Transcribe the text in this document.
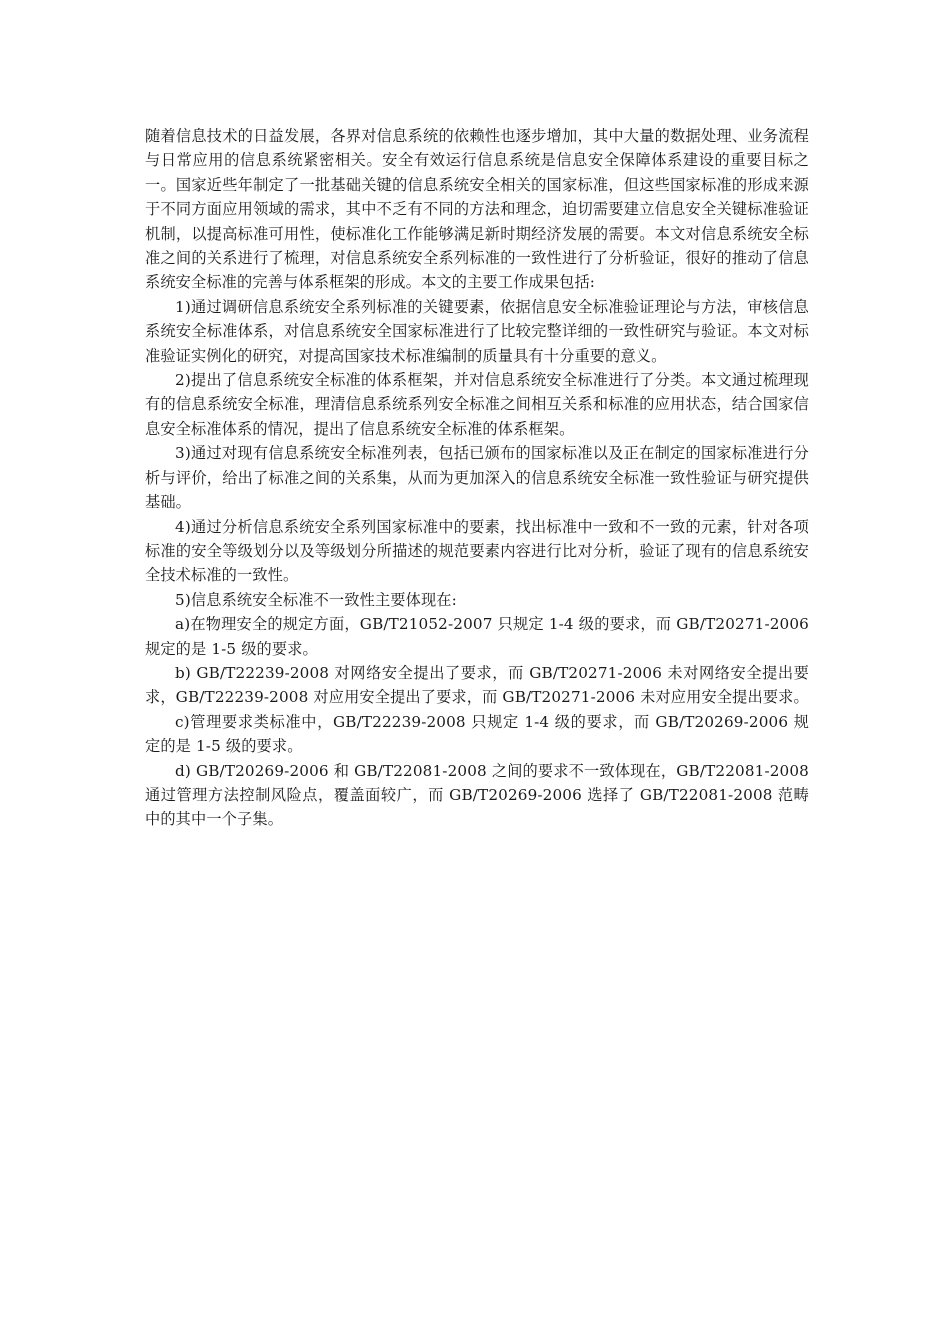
随着信息技术的日益发展，各界对信息系统的依赖性也逐步增加，其中大量的数据处理、业务流程与日常应用的信息系统紧密相关。安全有效运行信息系统是信息安全保障体系建设的重要目标之一。国家近些年制定了一批基础关键的信息系统安全相关的国家标准，但这些国家标准的形成来源于不同方面应用领域的需求，其中不乏有不同的方法和理念，迫切需要建立信息安全关键标准验证机制，以提高标准可用性，使标准化工作能够满足新时期经济发展的需要。本文对信息系统安全标准之间的关系进行了梳理，对信息系统安全系列标准的一致性进行了分析验证，很好的推动了信息系统安全标准的完善与体系框架的形成。本文的主要工作成果包括:

1)通过调研信息系统安全系列标准的关键要素，依据信息安全标准验证理论与方法，审核信息系统安全标准体系，对信息系统安全国家标准进行了比较完整详细的一致性研究与验证。本文对标准验证实例化的研究，对提高国家技术标准编制的质量具有十分重要的意义。

2)提出了信息系统安全标准的体系框架，并对信息系统安全标准进行了分类。本文通过梳理现有的信息系统安全标准，理清信息系统系列安全标准之间相互关系和标准的应用状态，结合国家信息安全标准体系的情况，提出了信息系统安全标准的体系框架。

3)通过对现有信息系统安全标准列表，包括已颁布的国家标准以及正在制定的国家标准进行分析与评价，给出了标准之间的关系集，从而为更加深入的信息系统安全标准一致性验证与研究提供基础。

4)通过分析信息系统安全系列国家标准中的要素，找出标准中一致和不一致的元素，针对各项标准的安全等级划分以及等级划分所描述的规范要素内容进行比对分析，验证了现有的信息系统安全技术标准的一致性。

5)信息系统安全标准不一致性主要体现在:

a)在物理安全的规定方面，GB/T21052-2007 只规定 1-4 级的要求，而 GB/T20271-2006 规定的是 1-5 级的要求。

b) GB/T22239-2008 对网络安全提出了要求，而 GB/T20271-2006 未对网络安全提出要求，GB/T22239-2008 对应用安全提出了要求，而 GB/T20271-2006 未对应用安全提出要求。

c)管理要求类标准中，GB/T22239-2008 只规定 1-4 级的要求，而 GB/T20269-2006 规定的是 1-5 级的要求。

d) GB/T20269-2006 和 GB/T22081-2008 之间的要求不一致体现在，GB/T22081-2008 通过管理方法控制风险点，覆盖面较广，而 GB/T20269-2006 选择了 GB/T22081-2008 范畴中的其中一个子集。
